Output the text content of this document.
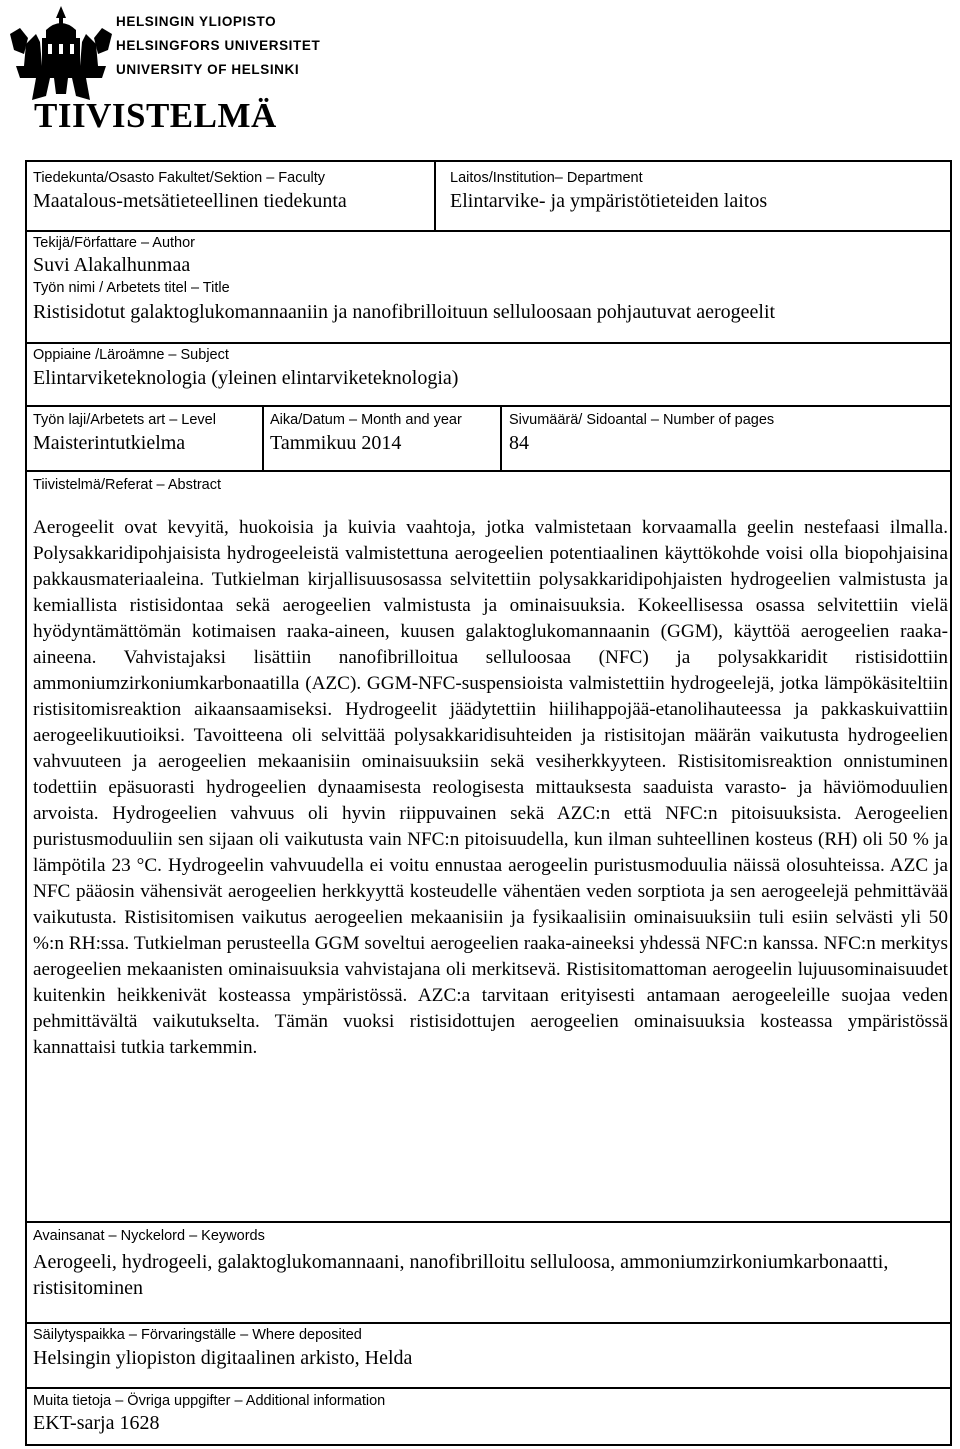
HELSINGIN YLIOPISTO
HELSINGFORS UNIVERSITET
UNIVERSITY OF HELSINKI
TIIVISTELMÄ
Tiedekunta/Osasto Fakultet/Sektion – Faculty
Maatalous-metsätieteellinen tiedekunta
Laitos/Institution– Department
Elintarvike- ja ympäristötieteiden laitos
Tekijä/Författare – Author
Suvi Alakalhunmaa
Työn nimi / Arbetets titel – Title
Ristisidotut galaktoglukomannaaniin ja nanofibrilloituun selluloosaan pohjautuvat aerogeelit
Oppiaine /Läroämne – Subject
Elintarviketeknologia (yleinen elintarviketeknologia)
Työn laji/Arbetets art – Level
Maisterintutkielma
Aika/Datum – Month and year
Tammikuu 2014
Sivumäärä/ Sidoantal – Number of pages
84
Tiivistelmä/Referat – Abstract

Aerogeelit ovat kevyitä, huokoisia ja kuivia vaahtoja, jotka valmistetaan korvaamalla geelin nestefaasi ilmalla. Polysakkaridipohjaisista hydrogeeleistä valmistettuna aerogeelien potentiaalinen käyttökohde voisi olla biopohjaisina pakkausmateriaaleina. Tutkielman kirjallisuusosassa selvitettiin polysakkaridipohjaisten hydrogeelien valmistusta ja kemiallista ristisidontaa sekä aerogeelien valmistusta ja ominaisuuksia. Kokeellisessa osassa selvitettiin vielä hyödyntämättömän kotimaisen raaka-aineen, kuusen galaktoglukomannaanin (GGM), käyttöä aerogeelien raaka-aineena. Vahvistajaksi lisättiin nanofibrilloitua selluloosaa (NFC) ja polysakkaridit ristisidottiin ammoniumzirkoniumkarbonaatilla (AZC). GGM-NFC-suspensioista valmistettiin hydrogeelejä, jotka lämpökäsiteltiin ristisitomisreaktion aikaansaamiseksi. Hydrogeelit jäädytettiin hiilihappojää-etanolihauteessa ja pakkaskuivattiin aerogeelikuutioiksi. Tavoitteena oli selvittää polysakkaridisuhteiden ja ristisitojan määrän vaikutusta hydrogeelien vahvuuteen ja aerogeelien mekaanisiin ominaisuuksiin sekä vesiherkkyyteen. Ristisitomisreaktion onnistuminen todettiin epäsuorasti hydrogeelien dynaamisesta reologisesta mittauksesta saaduista varasto- ja häviömoduulien arvoista. Hydrogeelien vahvuus oli hyvin riippuvainen sekä AZC:n että NFC:n pitoisuuksista. Aerogeelien puristusmoduuliin sen sijaan oli vaikutusta vain NFC:n pitoisuudella, kun ilman suhteellinen kosteus (RH) oli 50 % ja lämpötila 23 °C. Hydrogeelin vahvuudella ei voitu ennustaa aerogeelin puristusmoduulia näissä olosuhteissa. AZC ja NFC pääosin vähensivät aerogeelien herkkyyttä kosteudelle vähentäen veden sorptiota ja sen aerogeelejä pehmittävää vaikutusta. Ristisitomisen vaikutus aerogeelien mekaanisiin ja fysikaalisiin ominaisuuksiin tuli esiin selvästi yli 50 %:n RH:ssa. Tutkielman perusteella GGM soveltui aerogeelien raaka-aineeksi yhdessä NFC:n kanssa. NFC:n merkitys aerogeelien mekaanisten ominaisuuksia vahvistajana oli merkitsevä. Ristisitomattoman aerogeelin lujuusominaisuudet kuitenkin heikkenivät kosteassa ympäristössä. AZC:a tarvitaan erityisesti antamaan aerogeeleille suojaa veden pehmittävältä vaikutukselta. Tämän vuoksi ristisidottujen aerogeelien ominaisuuksia kosteassa ympäristössä kannattaisi tutkia tarkemmin.

Avainsanat – Nyckelord – Keywords
Aerogeeli, hydrogeeli, galaktoglukomannaani, nanofibrilloitu selluloosa, ammoniumzirkoniumkarbonaatti, ristisitominen
Säilytyspaikka – Förvaringställe – Where deposited
Helsingin yliopiston digitaalinen arkisto, Helda
Muita tietoja – Övriga uppgifter – Additional information
EKT-sarja 1628
